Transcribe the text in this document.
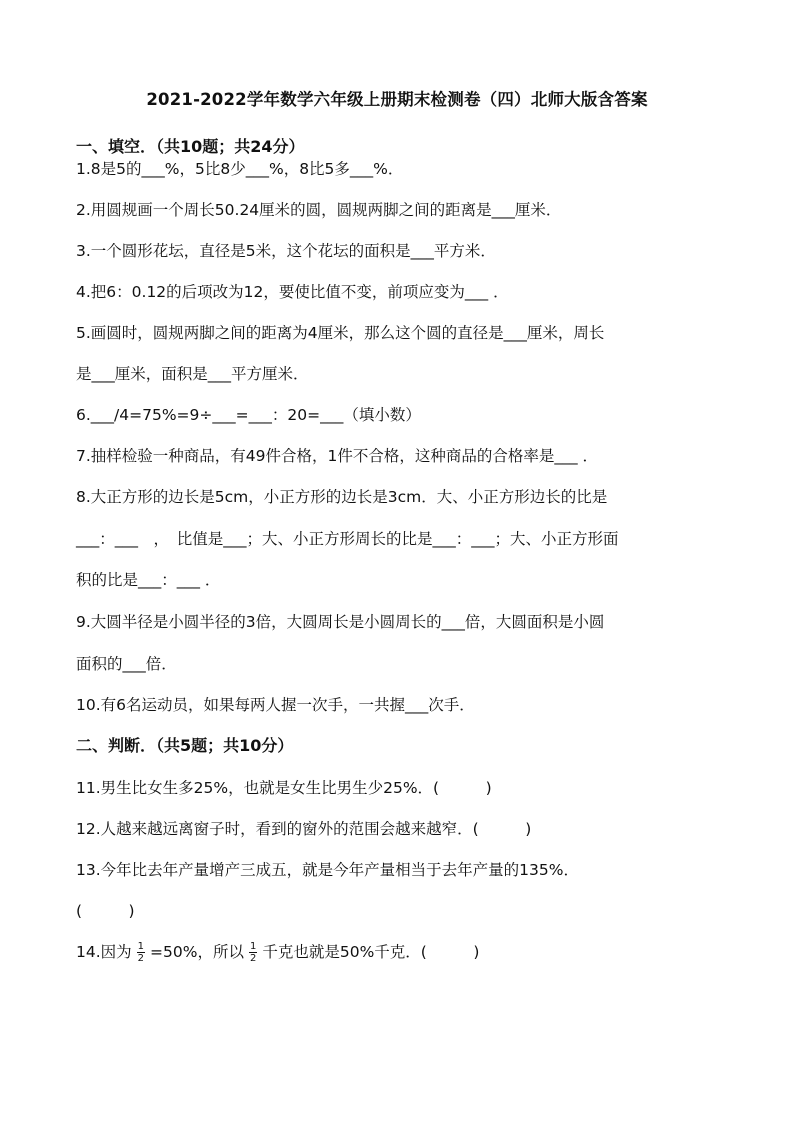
2021-2022学年数学六年级上册期末检测卷（四）北师大版含答案
一、填空．（共10题；共24分）
1.8是5的___%，5比8少___%，8比5多___%．
2.用圆规画一个周长50.24厘米的圆，圆规两脚之间的距离是___厘米．
3.一个圆形花坛，直径是5米，这个花坛的面积是___平方米．
4.把6：0.12的后项改为12，要使比值不变，前项应变为___ ．
5.画圆时，圆规两脚之间的距离为4厘米，那么这个圆的直径是___厘米，周长
是___厘米，面积是___平方厘米．
6.___/4=75%=9÷___=___：20=___（填小数）
7.抽样检验一种商品，有49件合格，1件不合格，这种商品的合格率是___ ．
8.大正方形的边长是5cm，小正方形的边长是3cm．大、小正方形边长的比是
___：___　，　比值是___；大、小正方形周长的比是___：___；大、小正方形面
积的比是___：___ ．
9.大圆半径是小圆半径的3倍，大圆周长是小圆周长的___倍，大圆面积是小圆
面积的___倍．
10.有6名运动员，如果每两人握一次手，一共握___次手．
二、判断．（共5题；共10分）
11.男生比女生多25%，也就是女生比男生少25%．(　　　)
12.人越来越远离窗子时，看到的窗外的范围会越来越窄．(　　　)
13.今年比去年产量增产三成五，就是今年产量相当于去年产量的135%．
(　　　)
14.因为 $\frac{1}{2} =50\%$，所以 $\frac{1}{2}$ 千克也就是50%千克．(　　　)
